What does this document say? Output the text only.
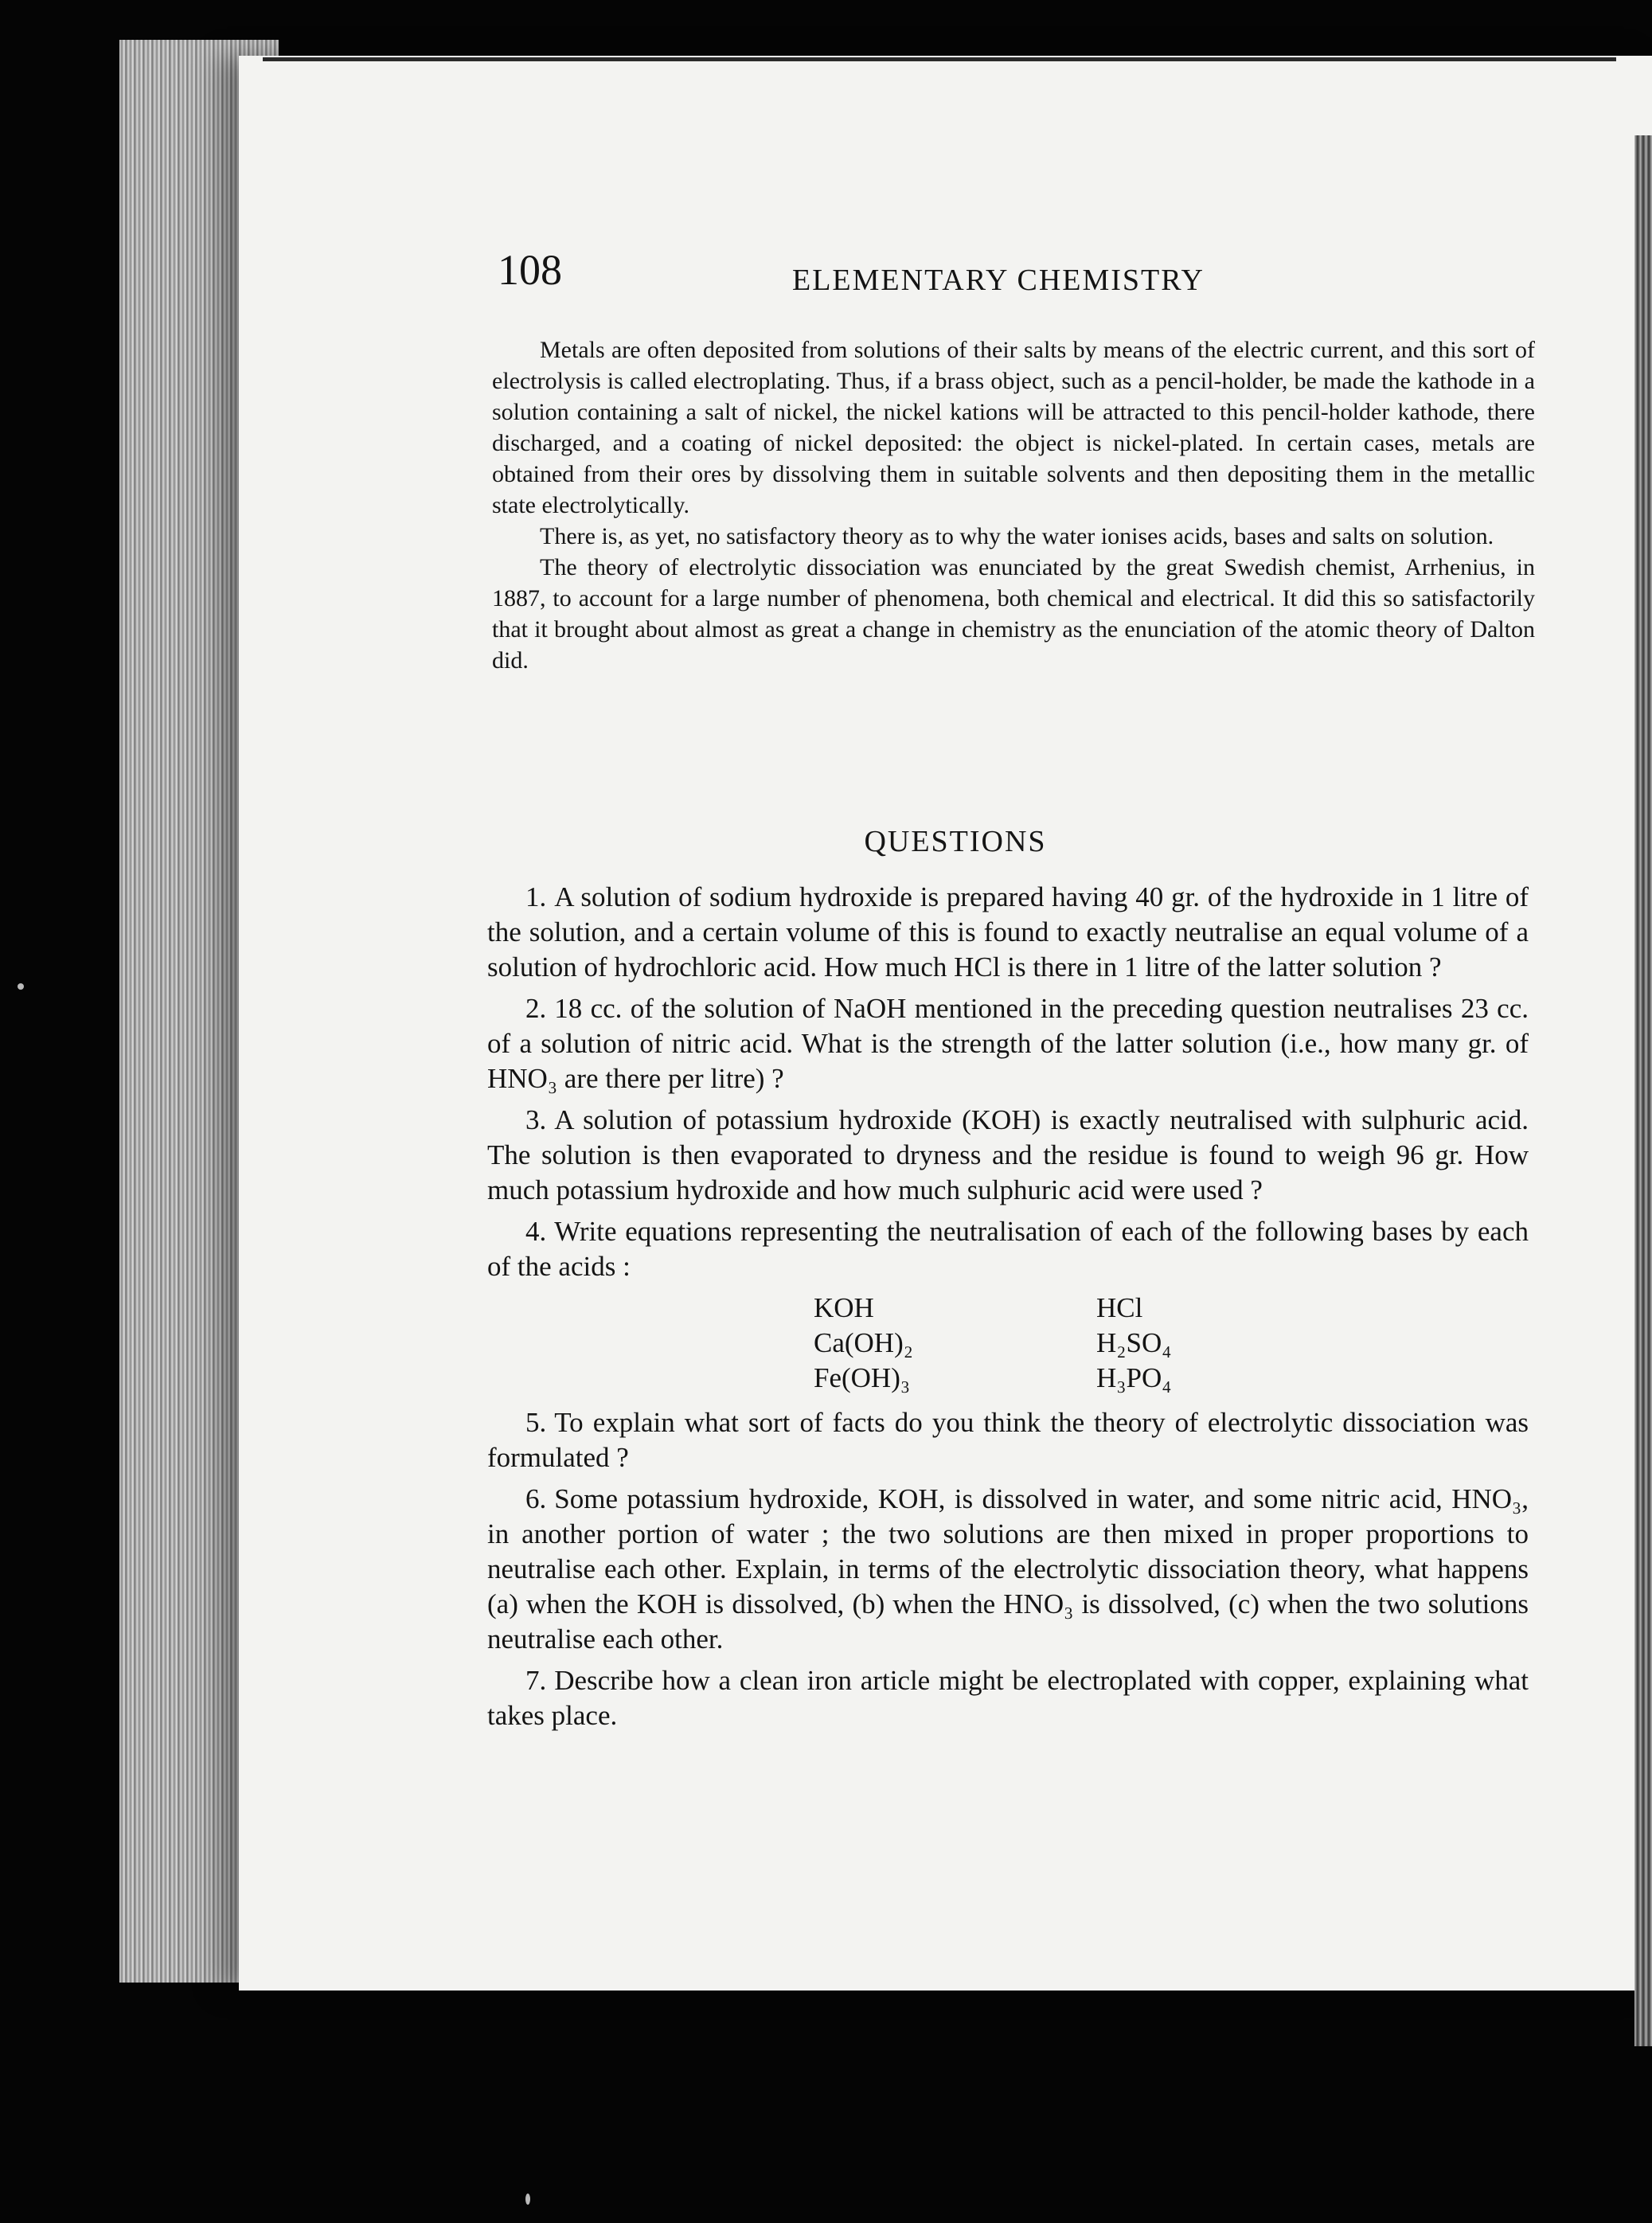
108	ELEMENTARY CHEMISTRY

Metals are often deposited from solutions of their salts by means of the electric current, and this sort of electrolysis is called electroplating. Thus, if a brass object, such as a pencil-holder, be made the kathode in a solution containing a salt of nickel, the nickel kations will be attracted to this pencil-holder kathode, there discharged, and a coating of nickel deposited: the object is nickel-plated. In certain cases, metals are obtained from their ores by dissolving them in suitable solvents and then depositing them in the metallic state electrolytically.

There is, as yet, no satisfactory theory as to why the water ionises acids, bases and salts on solution.

The theory of electrolytic dissociation was enunciated by the great Swedish chemist, Arrhenius, in 1887, to account for a large number of phenomena, both chemical and electrical. It did this so satisfactorily that it brought about almost as great a change in chemistry as the enunciation of the atomic theory of Dalton did.

QUESTIONS

1. A solution of sodium hydroxide is prepared having 40 gr. of the hydroxide in 1 litre of the solution, and a certain volume of this is found to exactly neutralise an equal volume of a solution of hydrochloric acid. How much HCl is there in 1 litre of the latter solution ?

2. 18 cc. of the solution of NaOH mentioned in the preceding question neutralises 23 cc. of a solution of nitric acid. What is the strength of the latter solution (i.e., how many gr. of HNO₃ are there per litre) ?

3. A solution of potassium hydroxide (KOH) is exactly neutralised with sulphuric acid. The solution is then evaporated to dryness and the residue is found to weigh 96 gr. How much potassium hydroxide and how much sulphuric acid were used ?

4. Write equations representing the neutralisation of each of the following bases by each of the acids :

KOH	HCl
Ca(OH)₂	H₂SO₄
Fe(OH)₃	H₃PO₄

5. To explain what sort of facts do you think the theory of electrolytic dissociation was formulated ?

6. Some potassium hydroxide, KOH, is dissolved in water, and some nitric acid, HNO₃, in another portion of water ; the two solutions are then mixed in proper proportions to neutralise each other. Explain, in terms of the electrolytic dissociation theory, what happens (a) when the KOH is dissolved, (b) when the HNO₃ is dissolved, (c) when the two solutions neutralise each other.

7. Describe how a clean iron article might be electroplated with copper, explaining what takes place.
